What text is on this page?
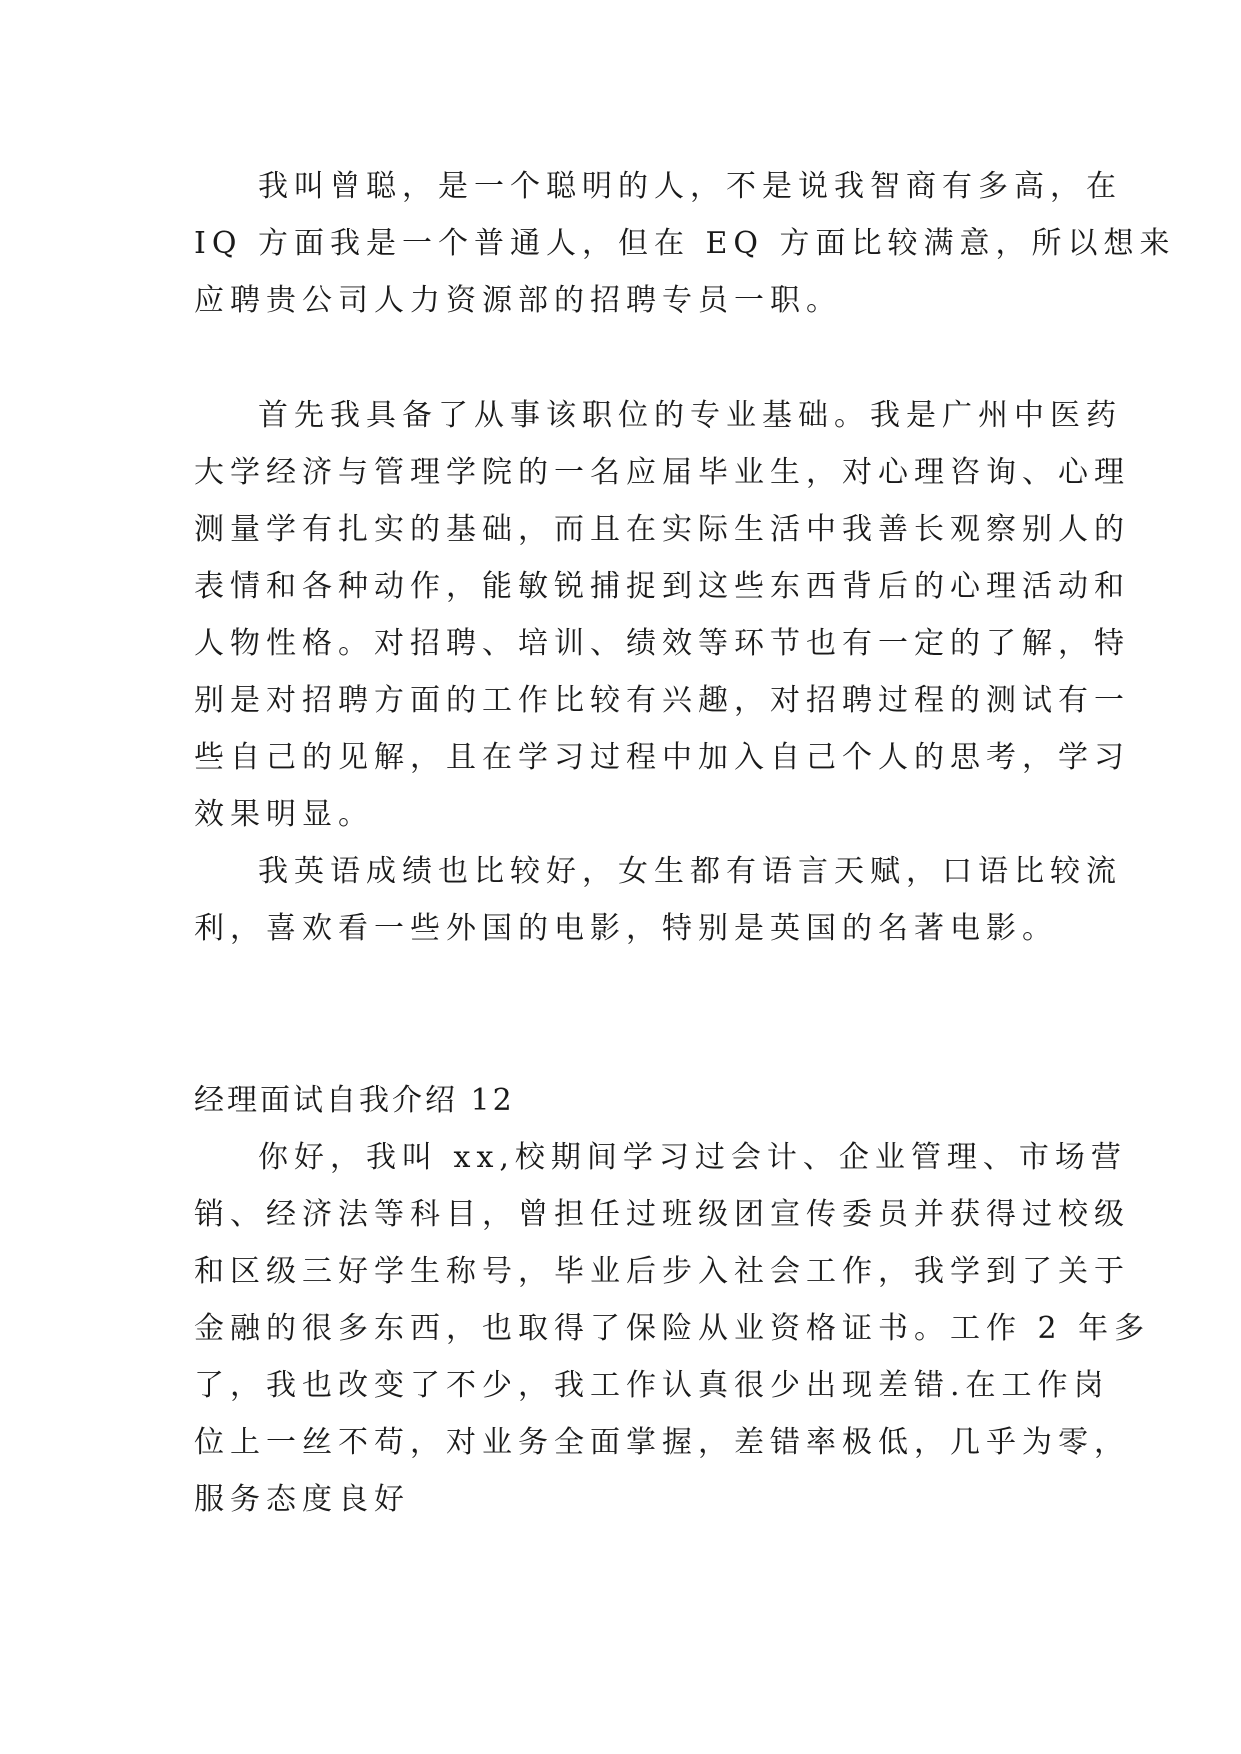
我叫曾聪，是一个聪明的人，不是说我智商有多高，在
IQ 方面我是一个普通人，但在 EQ 方面比较满意，所以想来
应聘贵公司人力资源部的招聘专员一职。
首先我具备了从事该职位的专业基础。我是广州中医药
大学经济与管理学院的一名应届毕业生，对心理咨询、心理
测量学有扎实的基础，而且在实际生活中我善长观察别人的
表情和各种动作，能敏锐捕捉到这些东西背后的心理活动和
人物性格。对招聘、培训、绩效等环节也有一定的了解，特
别是对招聘方面的工作比较有兴趣，对招聘过程的测试有一
些自己的见解，且在学习过程中加入自己个人的思考，学习
效果明显。
我英语成绩也比较好，女生都有语言天赋，口语比较流
利，喜欢看一些外国的电影，特别是英国的名著电影。
经理面试自我介绍 12
你好，我叫 xx,校期间学习过会计、企业管理、市场营
销、经济法等科目，曾担任过班级团宣传委员并获得过校级
和区级三好学生称号，毕业后步入社会工作，我学到了关于
金融的很多东西，也取得了保险从业资格证书。工作 2 年多
了，我也改变了不少，我工作认真很少出现差错.在工作岗
位上一丝不苟，对业务全面掌握，差错率极低，几乎为零，
服务态度良好
